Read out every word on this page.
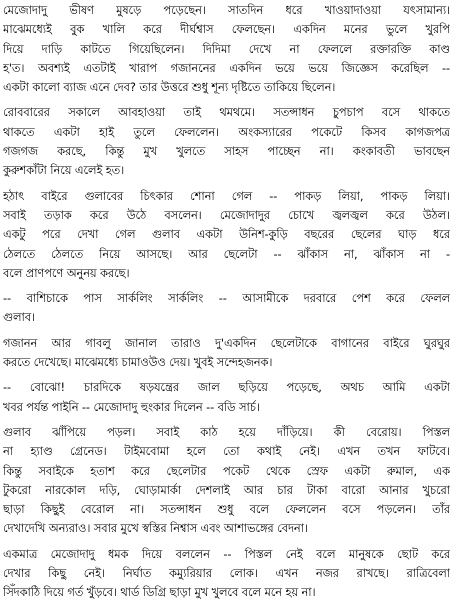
মেজোদাদু ভীষণ মুষড়ে পড়েছেন। সাতদিন ধরে খাওয়াদাওয়া যৎসামান্য।
মাঝেমধ্যেই বুক খালি করে দীর্ঘশ্বাস ফেলছেন। একদিন মনের ভুলে খুরপি
দিয়ে দাড়ি কাটতে গিয়েছিলেন। দিদিমা দেখে না ফেললে রক্তারক্তি কাণ্ড
হ'ত। অবশ্যই এতটাই খারাপ গজাননের একদিন ভয়ে ভয়ে জিজ্ঞেস করেছিল --
একটা কালো ব্যাজ এনে দেব? তার উত্তরে শুধু শূন্য দৃষ্টিতে তাকিয়ে ছিলেন।
রোববারের সকালে আবহাওয়া তাই থমথমে। সতন্সাধন চুপচাপ বসে থাকতে
থাকতে একটা হাই তুলে ফেললেন। অংকস্যারের পকেটে কিসব কাগজপত্র
গজগজ করছে, কিন্তু মুখ খুলতে সাহস পাচ্ছেন না। কংকাবতী ভাবছেন
কুরুশকাঁটা নিয়ে এলেই হত।
হঠাৎ বাইরে গুলাবের চিৎকার শোনা গেল -- পাকড় লিয়া, পাকড় লিয়া।
সবাই তড়াক করে উঠে বসলেন। মেজোদাদুর চোখে জ্বলজ্বল করে উঠল।
একটু পরে দেখা গেল গুলাব একটা উনিশ-কুড়ি বছরের ছেলের ঘাড় ধরে
ঠেলতে ঠেলতে নিয়ে আসছে। আর ছেলেটা -- ঝাঁকাস না, ঝাঁকাস না -
বলে প্রাণপণে অনুনয় করছে।
-- বাশিচাকে পাস সার্কলিং সার্কলিং -- আসামীকে দরবারে পেশ করে ফেলল
গুলাব।
গজানন আর গাবলু জানাল তারাও দু'একদিন ছেলেটাকে বাগানের বাইরে ঘুরঘুর
করতে দেখেছে। মাঝেমধ্যে চামাওউও দেয়। খুবই সন্দেহজনক।
-- বোঝো! চারদিকে ষড়যন্ত্রের জাল ছড়িয়ে পড়েছে, অথচ আমি একটা
খবর পর্যন্ত পাইনি -- মেজোদাদু হুংকার দিলেন -- বডি সার্চ।
গুলাব ঝাঁপিয়ে পড়ল। সবাই কাঠ হয়ে দাঁড়িয়ে। কী বেরোয়। পিস্তল
না হ্যাণ্ড গ্রেনেড। টাইমবোমা হলে তো কথাই নেই। এখন তখন ফাটবে।
কিন্তু সবাইকে হতাশ করে ছেলেটার পকেট থেকে স্রেফ একটা রুমাল, এক
টুকরো নারকোল দড়ি, ঘোড়ামার্কা দেশলাই আর চার টাকা বারো আনার খুচরো
ছাড়া কিছুই বেরোল না। সতন্সাধন শুধু বলে ফেললেন বসে পড়লেন। তাঁর
দেখাদেখি অন্যরাও। সবার মুখে স্বস্তির নিশ্বাস এবং আশাভঙ্গের বেদনা।
একমাত্র মেজোদাদু ধমক দিয়ে বললেন -- পিস্তল নেই বলে মানুষকে ছোট করে
দেখার কিছু নেই। নির্ঘাত কম্যুরিয়ার লোক। এখন নজর রাখছে। রাত্রিবেলা
সিঁদকাঠি দিয়ে গর্ত খুঁড়বে। থার্ড ডিগ্রি ছাড়া মুখ খুলবে বলে মনে হয় না।
